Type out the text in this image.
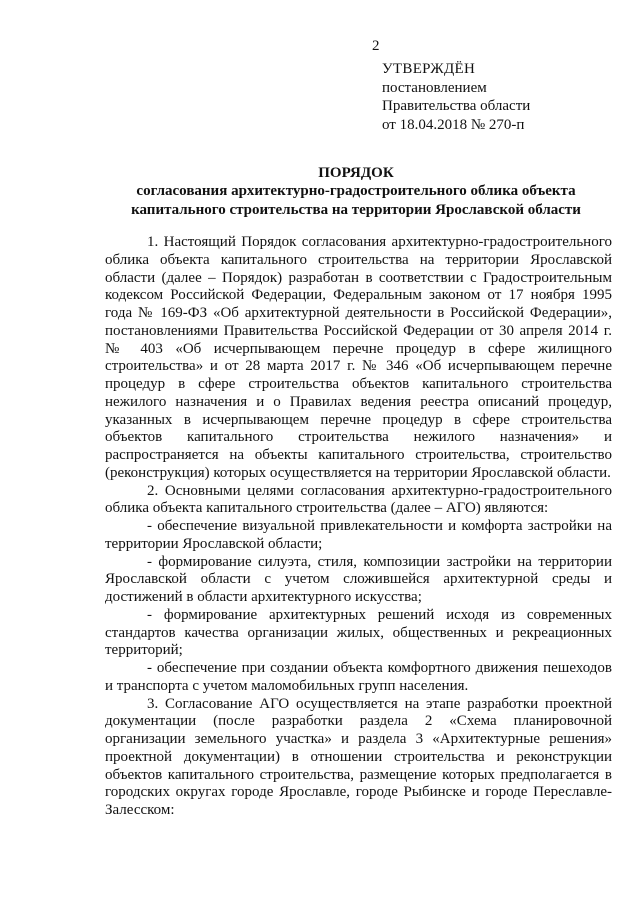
2
УТВЕРЖДЁН
постановлением
Правительства области
от 18.04.2018 № 270-п
ПОРЯДОК
согласования архитектурно-градостроительного облика объекта
капитального строительства на территории Ярославской области

1. Настоящий Порядок согласования архитектурно-градостроительного облика объекта капитального строительства на территории Ярославской области (далее – Порядок) разработан в соответствии с Градостроительным кодексом Российской Федерации, Федеральным законом от 17 ноября 1995 года № 169-ФЗ «Об архитектурной деятельности в Российской Федерации», постановлениями Правительства Российской Федерации от 30 апреля 2014 г. № 403 «Об исчерпывающем перечне процедур в сфере жилищного строительства» и от 28 марта 2017 г. № 346 «Об исчерпывающем перечне процедур в сфере строительства объектов капитального строительства нежилого назначения и о Правилах ведения реестра описаний процедур, указанных в исчерпывающем перечне процедур в сфере строительства объектов капитального строительства нежилого назначения» и распространяется на объекты капитального строительства, строительство (реконструкция) которых осуществляется на территории Ярославской области.

2. Основными целями согласования архитектурно-градостроительного облика объекта капитального строительства (далее – АГО) являются:

- обеспечение визуальной привлекательности и комфорта застройки на территории Ярославской области;

- формирование силуэта, стиля, композиции застройки на территории Ярославской области с учетом сложившейся архитектурной среды и достижений в области архитектурного искусства;

- формирование архитектурных решений исходя из современных стандартов качества организации жилых, общественных и рекреационных территорий;

- обеспечение при создании объекта комфортного движения пешеходов и транспорта с учетом маломобильных групп населения.

3. Согласование АГО осуществляется на этапе разработки проектной документации (после разработки раздела 2 «Схема планировочной организации земельного участка» и раздела 3 «Архитектурные решения» проектной документации) в отношении строительства и реконструкции объектов капитального строительства, размещение которых предполагается в городских округах городе Ярославле, городе Рыбинске и городе Переславле-Залесском:
